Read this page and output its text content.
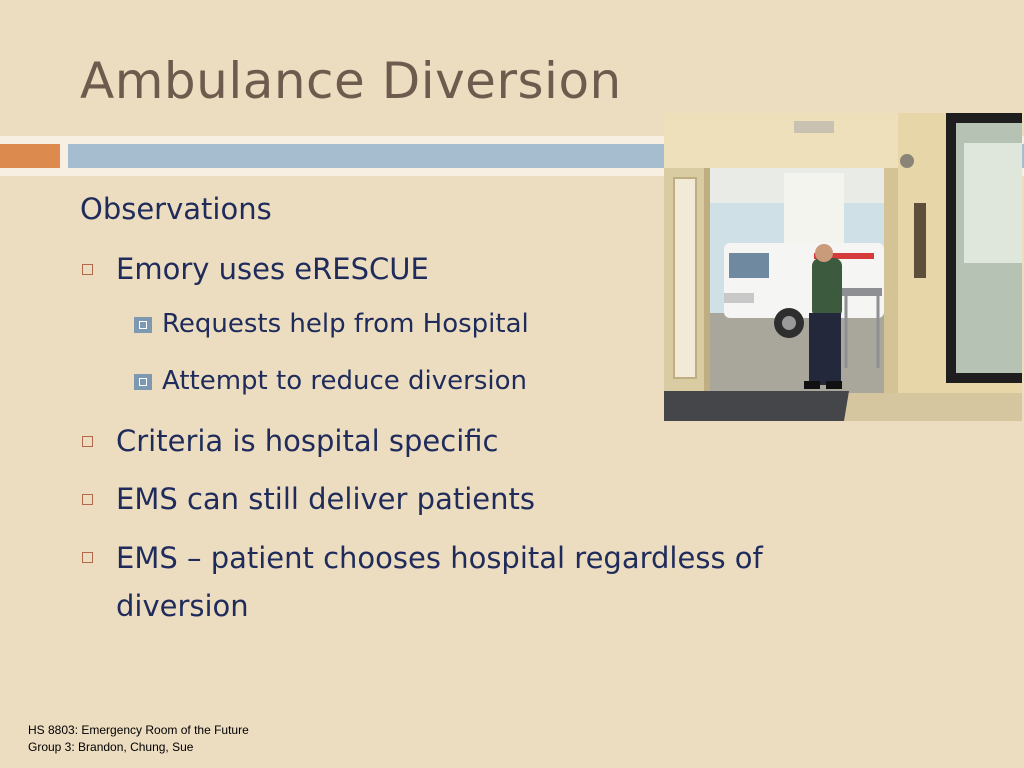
Ambulance Diversion
Observations
Emory uses eRESCUE
Requests help from Hospital
Attempt to reduce diversion
Criteria is hospital specific
EMS can still deliver patients
EMS – patient chooses hospital regardless of diversion
HS 8803: Emergency Room of the Future
Group 3: Brandon, Chung, Sue
